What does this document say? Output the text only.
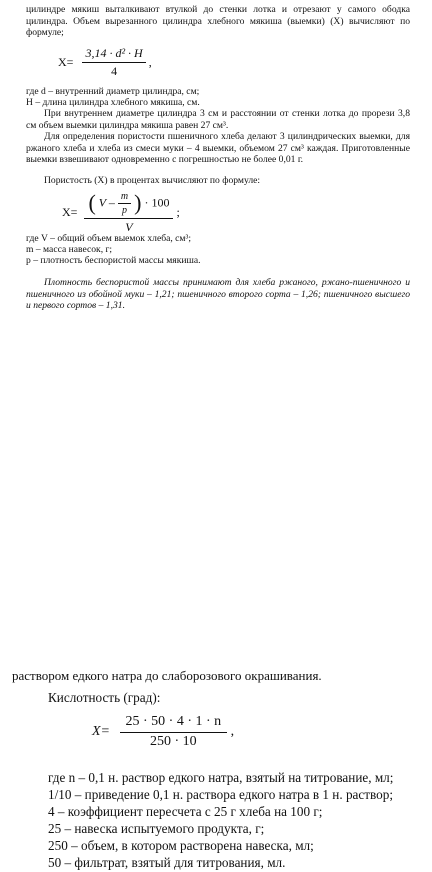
цилиндре мякиш выталкивают втулкой до стенки лотка и отрезают у самого ободка цилиндра. Объем вырезанного цилиндра хлебного мякиша (выемки) (X) вычисляют по формуле;

$X= \frac{\text{3,14 · d² · H}}{4}$ ,

где d – внутренний диаметр цилиндра, см;

H – длина цилиндра хлебного мякиша, см.

При внутреннем диаметре цилиндра 3 см и расстоянии от стенки лотка до прорези 3,8 см объем выемки цилиндра мякиша равен 27 см³.

Для определения пористости пшеничного хлеба делают 3 цилиндрических выемки, для ржаного хлеба и хлеба из смеси муки – 4 выемки, объемом 27 см³ каждая. Приготовленные выемки взвешивают одновременно с погрешностью не более 0,01 г.

Пористость (X) в процентах вычисляют по формуле:

X= ( V – $\frac{m}{p}$ ) · 100
V
;

где V – общий объем выемок хлеба, см³;

m – масса навесок, г;

p – плотность беспористой массы мякиша.

Плотность беспористой массы принимают для хлеба ржаного, ржано-пшеничного и пшеничного из обойной муки – 1,21; пшеничного второго сорта – 1,26; пшеничного высшего и первого сортов – 1,31.

раствором едкого натра до слаборозового окрашивания.

Кислотность (град):

$X= \frac{25 \cdot 50 \cdot 4 \cdot 1 \cdot n}{250 \cdot 10}$ ,

где n – 0,1 н. раствор едкого натра, взятый на титрование, мл;

1/10 – приведение 0,1 н. раствора едкого натра в 1 н. раствор;

4 – коэффициент пересчета с 25 г хлеба на 100 г;

25 – навеска испытуемого продукта, г;

250 – объем, в котором растворена навеска, мл;

50 – фильтрат, взятый для титрования, мл.
